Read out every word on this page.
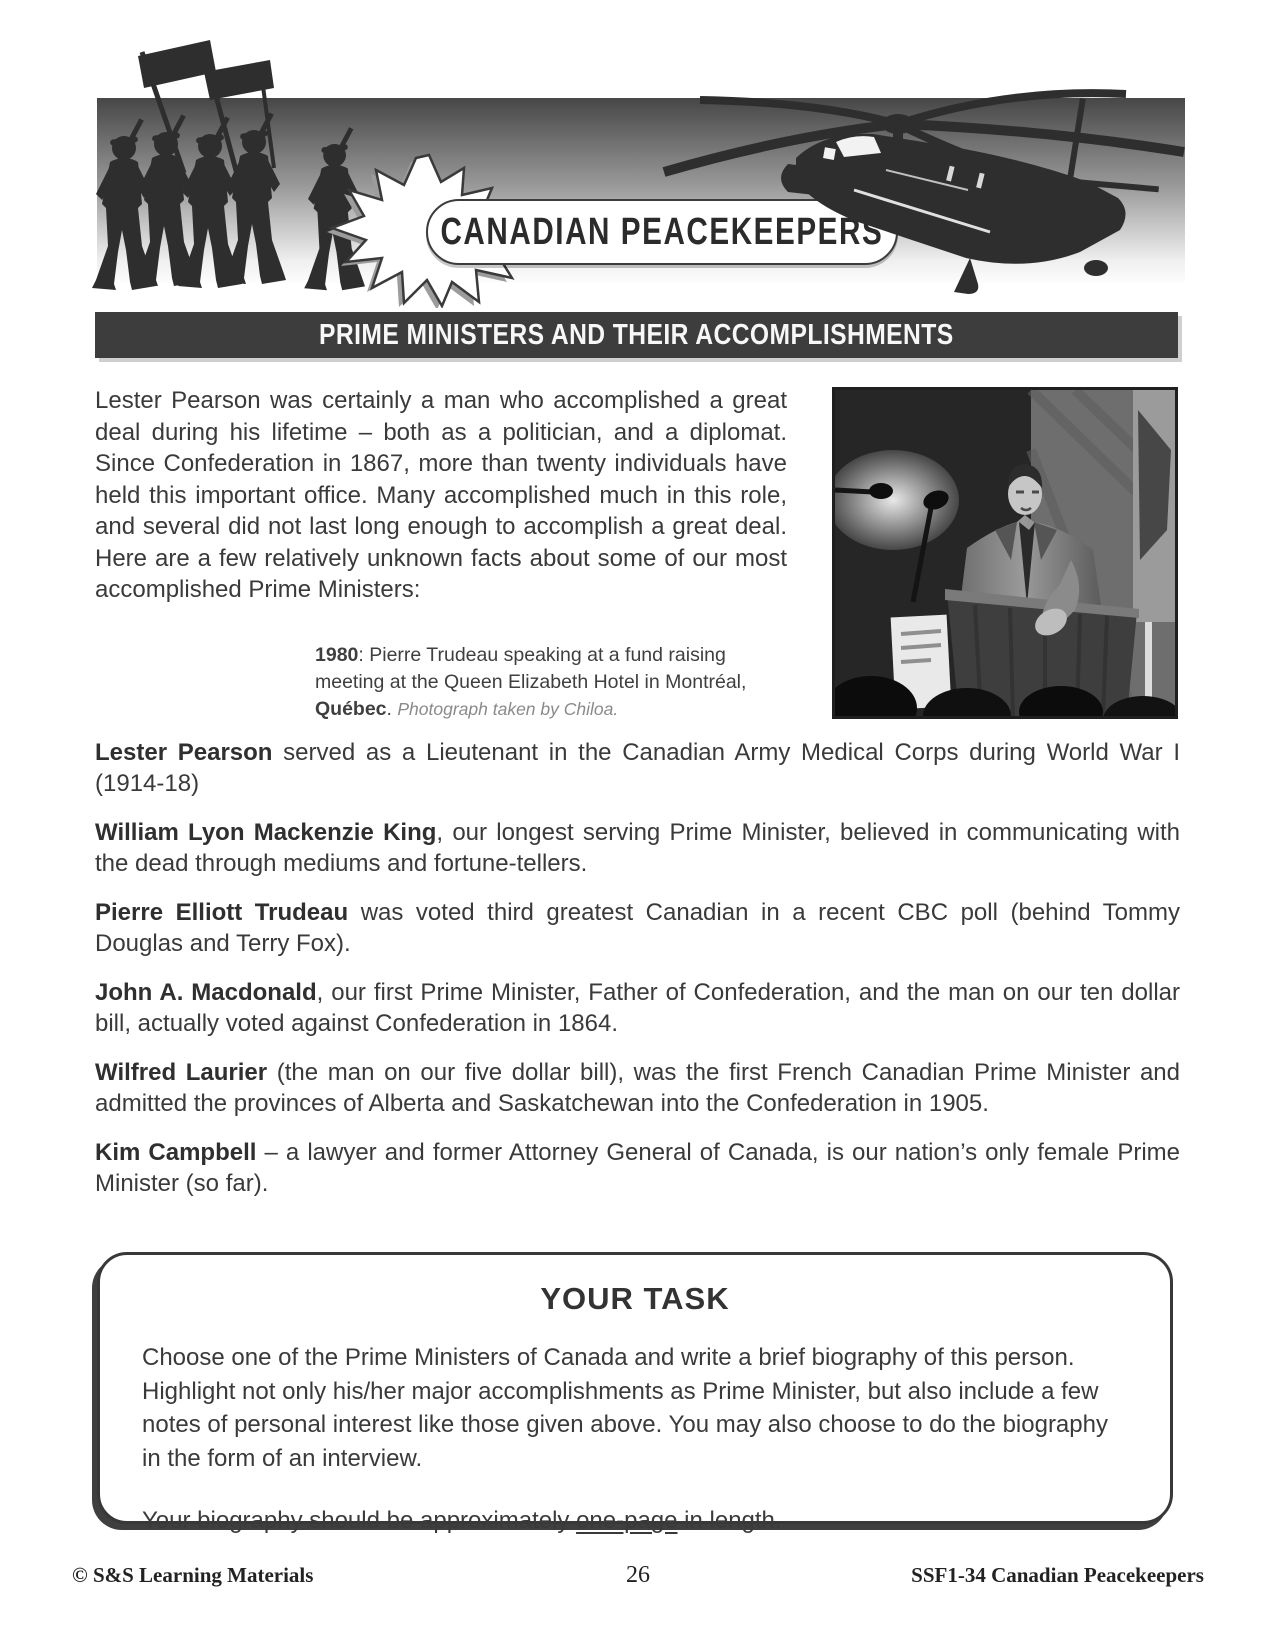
CANADIAN PEACEKEEPERS
PRIME MINISTERS AND THEIR ACCOMPLISHMENTS

Lester Pearson was certainly a man who accomplished a great deal during his lifetime – both as a politician, and a diplomat. Since Confederation in 1867, more than twenty individuals have held this important office. Many accomplished much in this role, and several did not last long enough to accomplish a great deal. Here are a few relatively unknown facts about some of our most accomplished Prime Ministers:

1980: Pierre Trudeau speaking at a fund raising meeting at the Queen Elizabeth Hotel in Montréal, Québec. Photograph taken by Chiloa.

Lester Pearson served as a Lieutenant in the Canadian Army Medical Corps during World War I (1914-18)

William Lyon Mackenzie King, our longest serving Prime Minister, believed in communicating with the dead through mediums and fortune-tellers.

Pierre Elliott Trudeau was voted third greatest Canadian in a recent CBC poll (behind Tommy Douglas and Terry Fox).

John A. Macdonald, our first Prime Minister, Father of Confederation, and the man on our ten dollar bill, actually voted against Confederation in 1864.

Wilfred Laurier (the man on our five dollar bill), was the first French Canadian Prime Minister and admitted the provinces of Alberta and Saskatchewan into the Confederation in 1905.

Kim Campbell – a lawyer and former Attorney General of Canada, is our nation’s only female Prime Minister (so far).

YOUR TASK

Choose one of the Prime Ministers of Canada and write a brief biography of this person. Highlight not only his/her major accomplishments as Prime Minister, but also include a few notes of personal interest like those given above. You may also choose to do the biography in the form of an interview.

Your biography should be approximately one-page in length.

© S&S Learning Materials	26	SSF1-34 Canadian Peacekeepers
